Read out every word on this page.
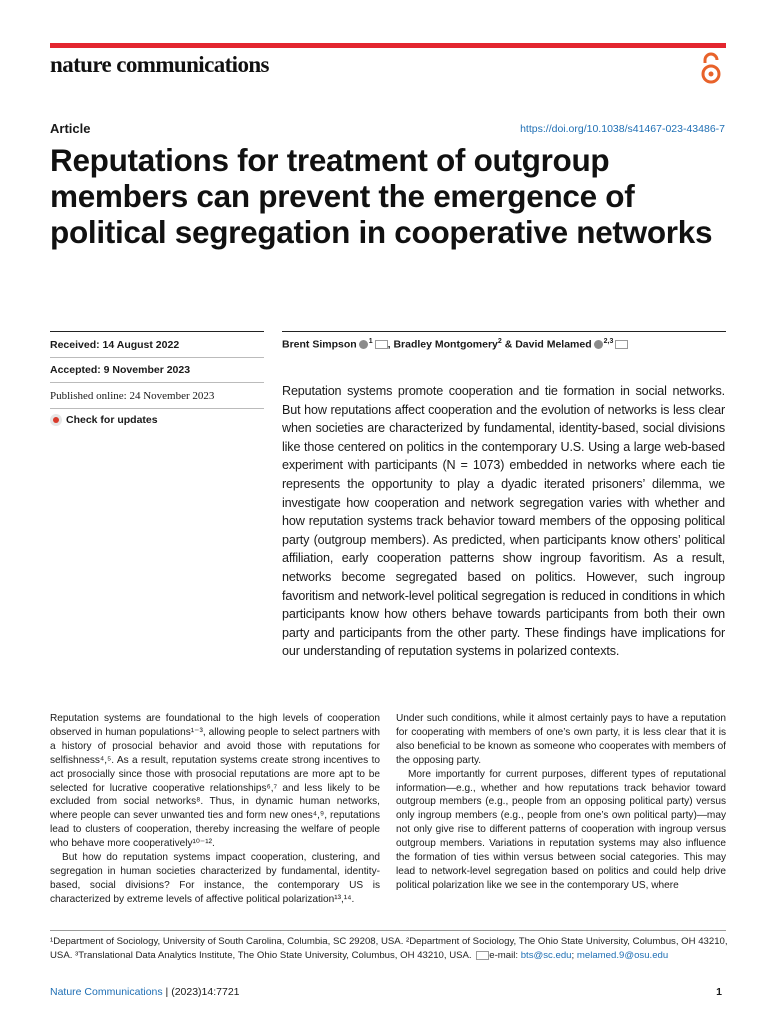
nature communications
Article	https://doi.org/10.1038/s41467-023-43486-7
Reputations for treatment of outgroup members can prevent the emergence of political segregation in cooperative networks
Received: 14 August 2022
Accepted: 9 November 2023
Published online: 24 November 2023
Check for updates
Brent Simpson $^1$ , Bradley Montgomery$^2$ & David Melamed $^{2,3}$

Reputation systems promote cooperation and tie formation in social networks. But how reputations affect cooperation and the evolution of networks is less clear when societies are characterized by fundamental, identity-based, social divisions like those centered on politics in the contemporary U.S. Using a large web-based experiment with participants (N = 1073) embedded in networks where each tie represents the opportunity to play a dyadic iterated prisoners’ dilemma, we investigate how cooperation and network segregation varies with whether and how reputation systems track behavior toward members of the opposing political party (outgroup members). As predicted, when participants know others’ political affiliation, early cooperation patterns show ingroup favoritism. As a result, networks become segregated based on politics. However, such ingroup favoritism and network-level political segregation is reduced in conditions in which participants know how others behave towards participants from both their own party and participants from the other party. These findings have implications for our understanding of reputation systems in polarized contexts.

Reputation systems are foundational to the high levels of cooperation observed in human populations¹⁻³, allowing people to select partners with a history of prosocial behavior and avoid those with reputations for selfishness⁴,⁵. As a result, reputation systems create strong incentives to act prosocially since those with prosocial reputations are more apt to be selected for lucrative cooperative relationships⁶,⁷ and less likely to be excluded from social networks⁸. Thus, in dynamic human networks, where people can sever unwanted ties and form new ones⁴,⁹, reputations lead to clusters of cooperation, thereby increasing the welfare of people who behave more cooperatively¹⁰⁻¹².

But how do reputation systems impact cooperation, clustering, and segregation in human societies characterized by fundamental, identity-based, social divisions? For instance, the contemporary US is characterized by extreme levels of affective political polarization¹³,¹⁴.

Under such conditions, while it almost certainly pays to have a reputation for cooperating with members of one’s own party, it is less clear that it is also beneficial to be known as someone who cooperates with members of the opposing party.

More importantly for current purposes, different types of reputational information—e.g., whether and how reputations track behavior toward outgroup members (e.g., people from an opposing political party) versus only ingroup members (e.g., people from one’s own political party)—may not only give rise to different patterns of cooperation with ingroup versus outgroup members. Variations in reputation systems may also influence the formation of ties within versus between social categories. This may lead to network-level segregation based on politics and could help drive political polarization like we see in the contemporary US, where

¹Department of Sociology, University of South Carolina, Columbia, SC 29208, USA. ²Department of Sociology, The Ohio State University, Columbus, OH 43210, USA. ³Translational Data Analytics Institute, The Ohio State University, Columbus, OH 43210, USA. e-mail: bts@sc.edu; melamed.9@osu.edu
Nature Communications | (2023)14:7721	1
